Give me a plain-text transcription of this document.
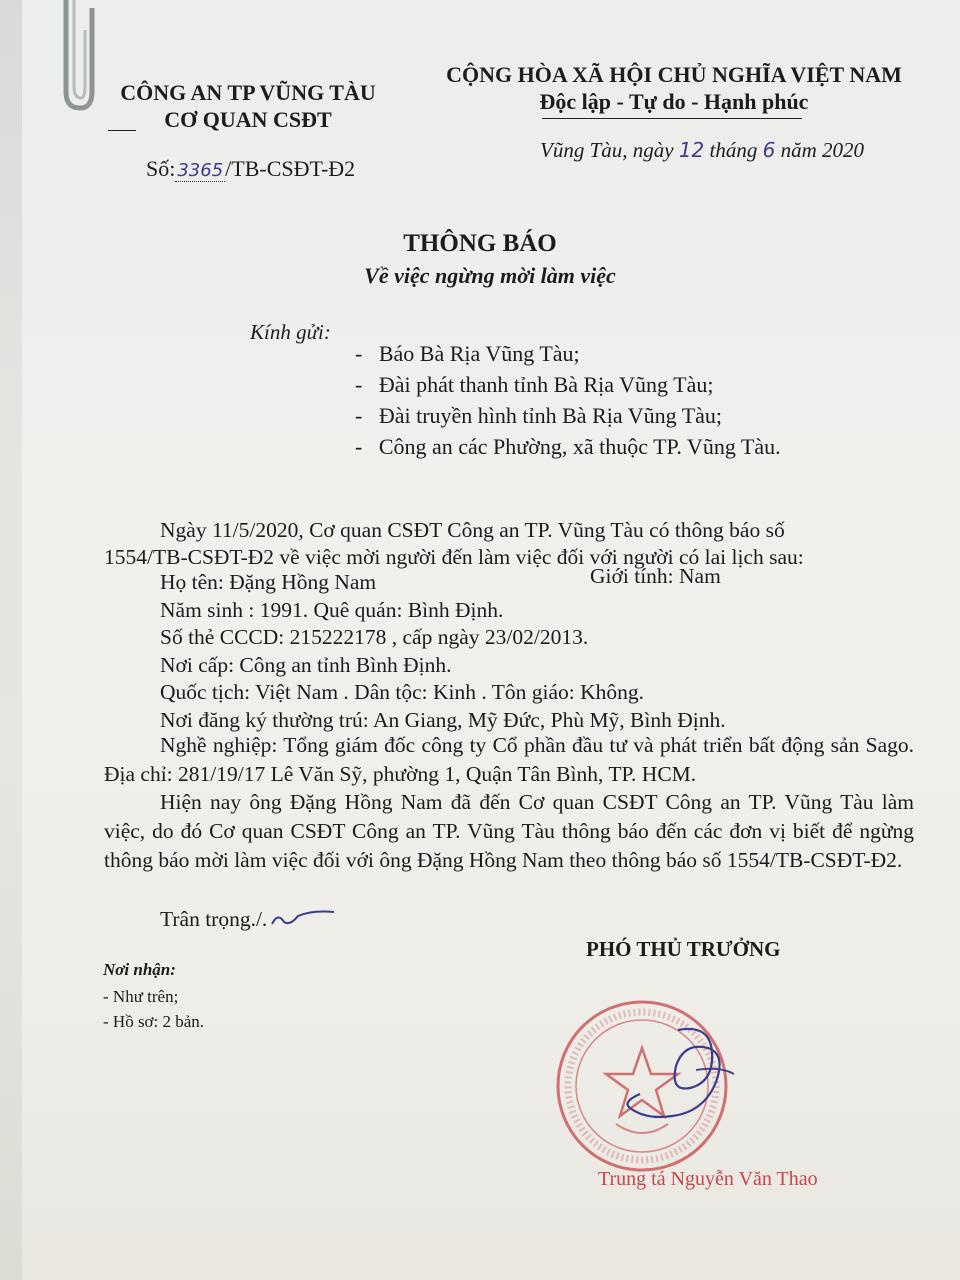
CÔNG AN TP VŨNG TÀU
CƠ QUAN CSĐT
Số: 3365/TB-CSĐT-Đ2
CỘNG HÒA XÃ HỘI CHỦ NGHĨA VIỆT NAM
Độc lập - Tự do - Hạnh phúc
Vũng Tàu, ngày 12 tháng 6 năm 2020
THÔNG BÁO
Về việc ngừng mời làm việc
Kính gửi:
-   Báo Bà Rịa Vũng Tàu;
-   Đài phát thanh tỉnh Bà Rịa Vũng Tàu;
-   Đài truyền hình tỉnh Bà Rịa Vũng Tàu;
-   Công an các Phường, xã thuộc TP. Vũng Tàu.
Ngày 11/5/2020, Cơ quan CSĐT Công an TP. Vũng Tàu có thông báo số
1554/TB-CSĐT-Đ2 về việc mời người đến làm việc đối với người có lai lịch sau:
Họ tên: Đặng Hồng Nam	Giới tính: Nam
Năm sinh : 1991. Quê quán: Bình Định.
Số thẻ CCCD: 215222178 , cấp ngày 23/02/2013.
Nơi cấp: Công an tỉnh Bình Định.
Quốc tịch: Việt Nam . Dân tộc: Kinh . Tôn giáo: Không.
Nơi đăng ký thường trú: An Giang, Mỹ Đức, Phù Mỹ, Bình Định.
Nghề nghiệp: Tổng giám đốc công ty Cổ phần đầu tư và phát triển bất động sản Sago. Địa chỉ: 281/19/17 Lê Văn Sỹ, phường 1, Quận Tân Bình, TP. HCM.
Hiện nay ông Đặng Hồng Nam đã đến Cơ quan CSĐT Công an TP. Vũng Tàu làm việc, do đó Cơ quan CSĐT Công an TP. Vũng Tàu thông báo đến các đơn vị biết để ngừng thông báo mời làm việc đối với ông Đặng Hồng Nam theo thông báo số 1554/TB-CSĐT-Đ2.
Trân trọng./.
PHÓ THỦ TRƯỞNG
Trung tá Nguyễn Văn Thao
Nơi nhận:
- Như trên;
- Hồ sơ: 2 bản.
